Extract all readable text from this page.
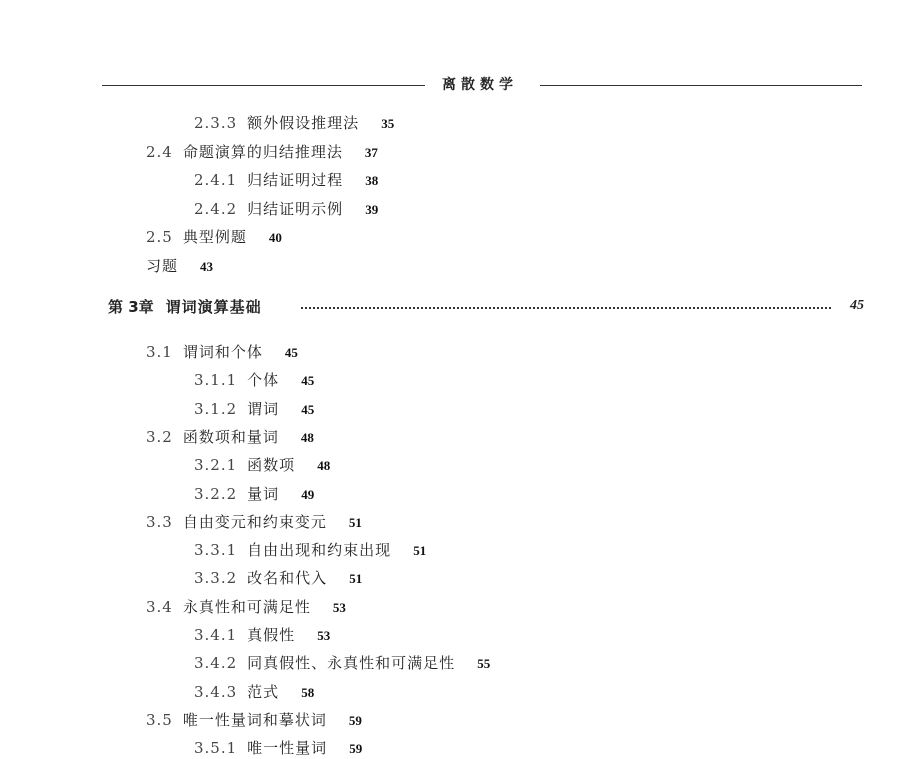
离散数学
2.3.3 额外假设推理法 35
2.4 命题演算的归结推理法 37
2.4.1 归结证明过程 38
2.4.2 归结证明示例 39
2.5 典型例题 40
习题 43
第 3章 谓词演算基础	45
3.1 谓词和个体 45
3.1.1 个体 45
3.1.2 谓词 45
3.2 函数项和量词 48
3.2.1 函数项 48
3.2.2 量词 49
3.3 自由变元和约束变元 51
3.3.1 自由出现和约束出现 51
3.3.2 改名和代入 51
3.4 永真性和可满足性 53
3.4.1 真假性 53
3.4.2 同真假性、永真性和可满足性 55
3.4.3 范式 58
3.5 唯一性量词和摹状词 59
3.5.1 唯一性量词 59
